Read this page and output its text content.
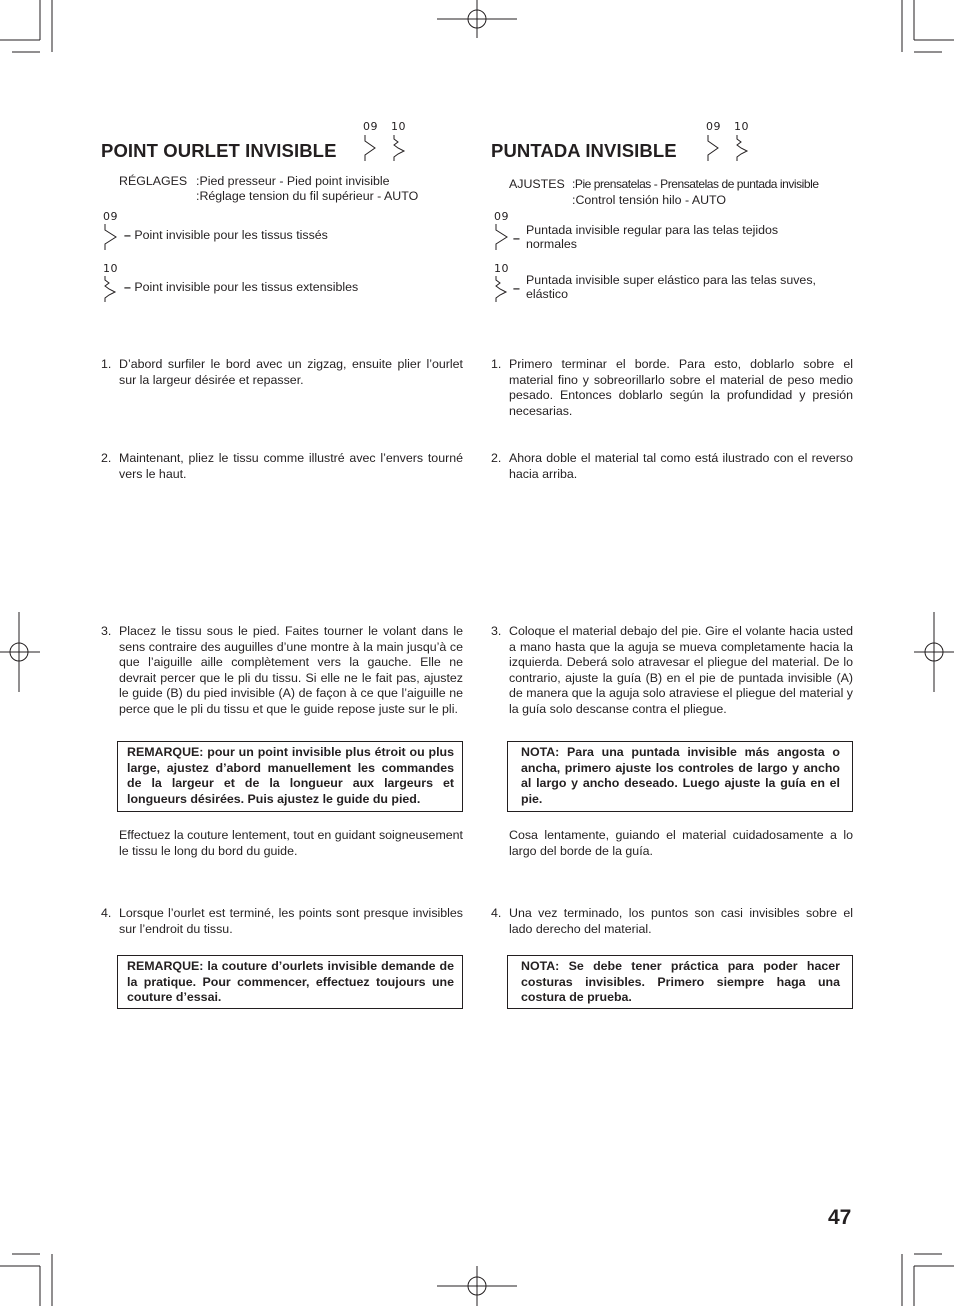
POINT OURLET INVISIBLE
09 10
RÉGLAGES :Pied presseur - Pied point invisible
:Réglage tension du fil supérieur - AUTO
09
– Point invisible pour les tissus tissés
10
– Point invisible pour les tissus extensibles
1. D’abord surfiler le bord avec un zigzag, ensuite plier l’ourlet sur la largeur désirée et repasser.
2. Maintenant, pliez le tissu comme illustré avec l’envers tourné vers le haut.
3. Placez le tissu sous le pied. Faites tourner le volant dans le sens contraire des auguilles d’une montre à la main jusqu’à ce que l’aiguille aille complètement vers la gauche. Elle ne devrait percer que le pli du tissu. Si elle ne le fait pas, ajustez le guide (B) du pied invisible (A) de façon à ce que l’aiguille ne perce que le pli du tissu et que le guide repose juste sur le pli.
REMARQUE: pour un point invisible plus étroit ou plus large, ajustez d’abord manuellement les commandes de la largeur et de la longueur aux largeurs et longueurs désirées. Puis ajustez le guide du pied.
Effectuez la couture lentement, tout en guidant soigneusement le tissu le long du bord du guide.
4. Lorsque l’ourlet est terminé, les points sont presque invisibles sur l’endroit du tissu.
REMARQUE: la couture d’ourlets invisible demande de la pratique. Pour commencer, effectuez toujours une couture d’essai.
PUNTADA INVISIBLE
09 10
AJUSTES :Pie prensatelas - Prensatelas de puntada invisible
:Control tensión hilo - AUTO
09
–
Puntada invisible regular para las telas tejidos normales
10
–
Puntada invisible super elástico para las telas suves, elástico
1. Primero terminar el borde. Para esto, doblarlo sobre el material fino y sobreorillarlo sobre el material de peso medio pesado. Entonces doblarlo según la profundidad y presión necesarias.
2. Ahora doble el material tal como está ilustrado con el reverso hacia arriba.
3. Coloque el material debajo del pie. Gire el volante hacia usted a mano hasta que la aguja se mueva completamente hacia la izquierda. Deberá solo atravesar el pliegue del material. De lo contrario, ajuste la guía (B) en el pie de puntada invisible (A) de manera que la aguja solo atraviese el pliegue del material y la guía solo descanse contra el pliegue.
NOTA: Para una puntada invisible más angosta o ancha, primero ajuste los controles de largo y ancho al largo y ancho deseado. Luego ajuste la guía en el pie.
Cosa lentamente, guiando el material cuidadosamente a lo largo del borde de la guía.
4. Una vez terminado, los puntos son casi invisibles sobre el lado derecho del material.
NOTA: Se debe tener práctica para poder hacer costuras invisibles. Primero siempre haga una costura de prueba.
47
